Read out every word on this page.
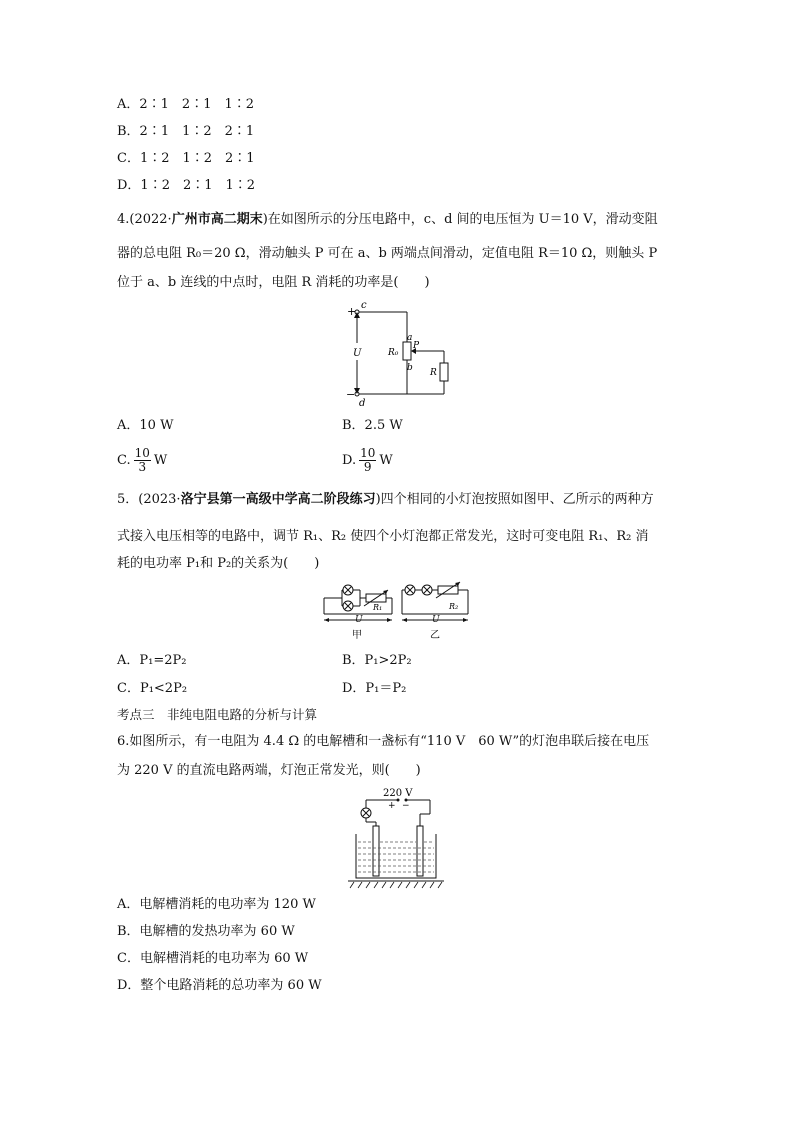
A．2∶1　2∶1　1∶2
B．2∶1　1∶2　2∶1
C．1∶2　1∶2　2∶1
D．1∶2　2∶1　1∶2
4.(2022·广州市高二期末)在如图所示的分压电路中，c、d 间的电压恒为 U＝10 V，滑动变阻
器的总电阻 R₀＝20 Ω，滑动触头 P 可在 a、b 两端点间滑动，定值电阻 R＝10 Ω，则触头 P
位于 a、b 连线的中点时，电阻 R 消耗的功率是(　　)
+
−
c
d
U
a
b
P
R₀
R
A．10 W	B．2.5 W
C. $\frac{10}{3}$ W	D. $\frac{10}{9}$ W
5．(2023·洛宁县第一高级中学高二阶段练习)四个相同的小灯泡按照如图甲、乙所示的两种方
式接入电压相等的电路中，调节 R₁、R₂ 使四个小灯泡都正常发光，这时可变电阻 R₁、R₂ 消
耗的电功率 P₁和 P₂的关系为(　　)
R₁	R₂
U	U
甲	乙
A．P₁=2P₂	B．P₁>2P₂
C．P₁<2P₂	D．P₁＝P₂
考点三　非纯电阻电路的分析与计算
6.如图所示，有一电阻为 4.4 Ω 的电解槽和一盏标有“110 V　60 W”的灯泡串联后接在电压
为 220 V 的直流电路两端，灯泡正常发光，则(　　)
220 V
+ −
A．电解槽消耗的电功率为 120 W
B．电解槽的发热功率为 60 W
C．电解槽消耗的电功率为 60 W
D．整个电路消耗的总功率为 60 W
